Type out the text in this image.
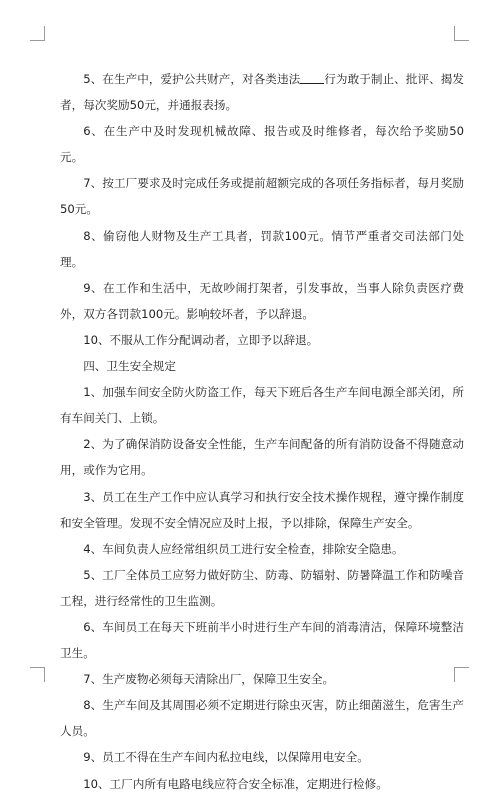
5、在生产中，爱护公共财产，对各类违法 行为敢于制止、批评、揭发者，每次奖励50元，并通报表扬。

6、在生产中及时发现机械故障、报告或及时维修者，每次给予奖励50元。

7、按工厂要求及时完成任务或提前超额完成的各项任务指标者，每月奖励50元。

8、偷窃他人财物及生产工具者，罚款100元。情节严重者交司法部门处理。

9、在工作和生活中，无故吵闹打架者，引发事故，当事人除负责医疗费外，双方各罚款100元。影响较坏者，予以辞退。

10、不服从工作分配调动者，立即予以辞退。

四、卫生安全规定

1、加强车间安全防火防盗工作，每天下班后各生产车间电源全部关闭，所有车间关门、上锁。

2、为了确保消防设备安全性能，生产车间配备的所有消防设备不得随意动用，或作为它用。

3、员工在生产工作中应认真学习和执行安全技术操作规程，遵守操作制度和安全管理。发现不安全情况应及时上报，予以排除，保障生产安全。

4、车间负责人应经常组织员工进行安全检查，排除安全隐患。

5、工厂全体员工应努力做好防尘、防毒、防辐射、防暑降温工作和防噪音工程，进行经常性的卫生监测。

6、车间员工在每天下班前半小时进行生产车间的消毒清洁，保障环境整洁卫生。

7、生产废物必须每天清除出厂，保障卫生安全。

8、生产车间及其周围必须不定期进行除虫灭害，防止细菌滋生，危害生产人员。

9、员工不得在生产车间内私拉电线，以保障用电安全。

10、工厂内所有电路电线应符合安全标准，定期进行检修。
